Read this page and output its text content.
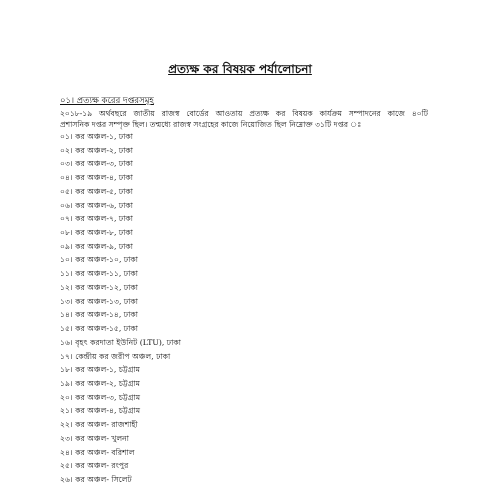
প্রত্যক্ষ কর বিষয়ক পর্যালোচনা
০১। প্রত্যক্ষ করের দপ্তরসমূহ
২০১৮-১৯ অর্থবছরে জাতীয় রাজস্ব বোর্ডের আওতায় প্রত্যক্ষ কর বিষয়ক কার্যক্রম সম্পাদনের কাজে ৪০টি
প্রশাসনিক দপ্তর সম্পৃক্ত ছিল। তন্মধ্যে রাজস্ব সংগ্রহের কাজে নিয়োজিত ছিল নিম্নোক্ত ৩১টি দপ্তর ঃ
০১। কর অঞ্চল-১, ঢাকা
০২। কর অঞ্চল-২, ঢাকা
০৩। কর অঞ্চল-৩, ঢাকা
০৪। কর অঞ্চল-৪, ঢাকা
০৫। কর অঞ্চল-৫, ঢাকা
০৬। কর অঞ্চল-৬, ঢাকা
০৭। কর অঞ্চল-৭, ঢাকা
০৮। কর অঞ্চল-৮, ঢাকা
০৯। কর অঞ্চল-৯, ঢাকা
১০। কর অঞ্চল-১০, ঢাকা
১১। কর অঞ্চল-১১, ঢাকা
১২। কর অঞ্চল-১২, ঢাকা
১৩। কর অঞ্চল-১৩, ঢাকা
১৪। কর অঞ্চল-১৪, ঢাকা
১৫। কর অঞ্চল-১৫, ঢাকা
১৬। বৃহৎ করদাতা ইউনিট (LTU), ঢাকা
১৭। কেন্দ্রীয় কর জরীপ অঞ্চল, ঢাকা
১৮। কর অঞ্চল-১, চট্টগ্রাম
১৯। কর অঞ্চল-২, চট্টগ্রাম
২০। কর অঞ্চল-৩, চট্টগ্রাম
২১। কর অঞ্চল-৪, চট্টগ্রাম
২২। কর অঞ্চল- রাজশাহী
২৩। কর অঞ্চল- খুলনা
২৪। কর অঞ্চল- বরিশাল
২৫। কর অঞ্চল- রংপুর
২৬। কর অঞ্চল- সিলেট
